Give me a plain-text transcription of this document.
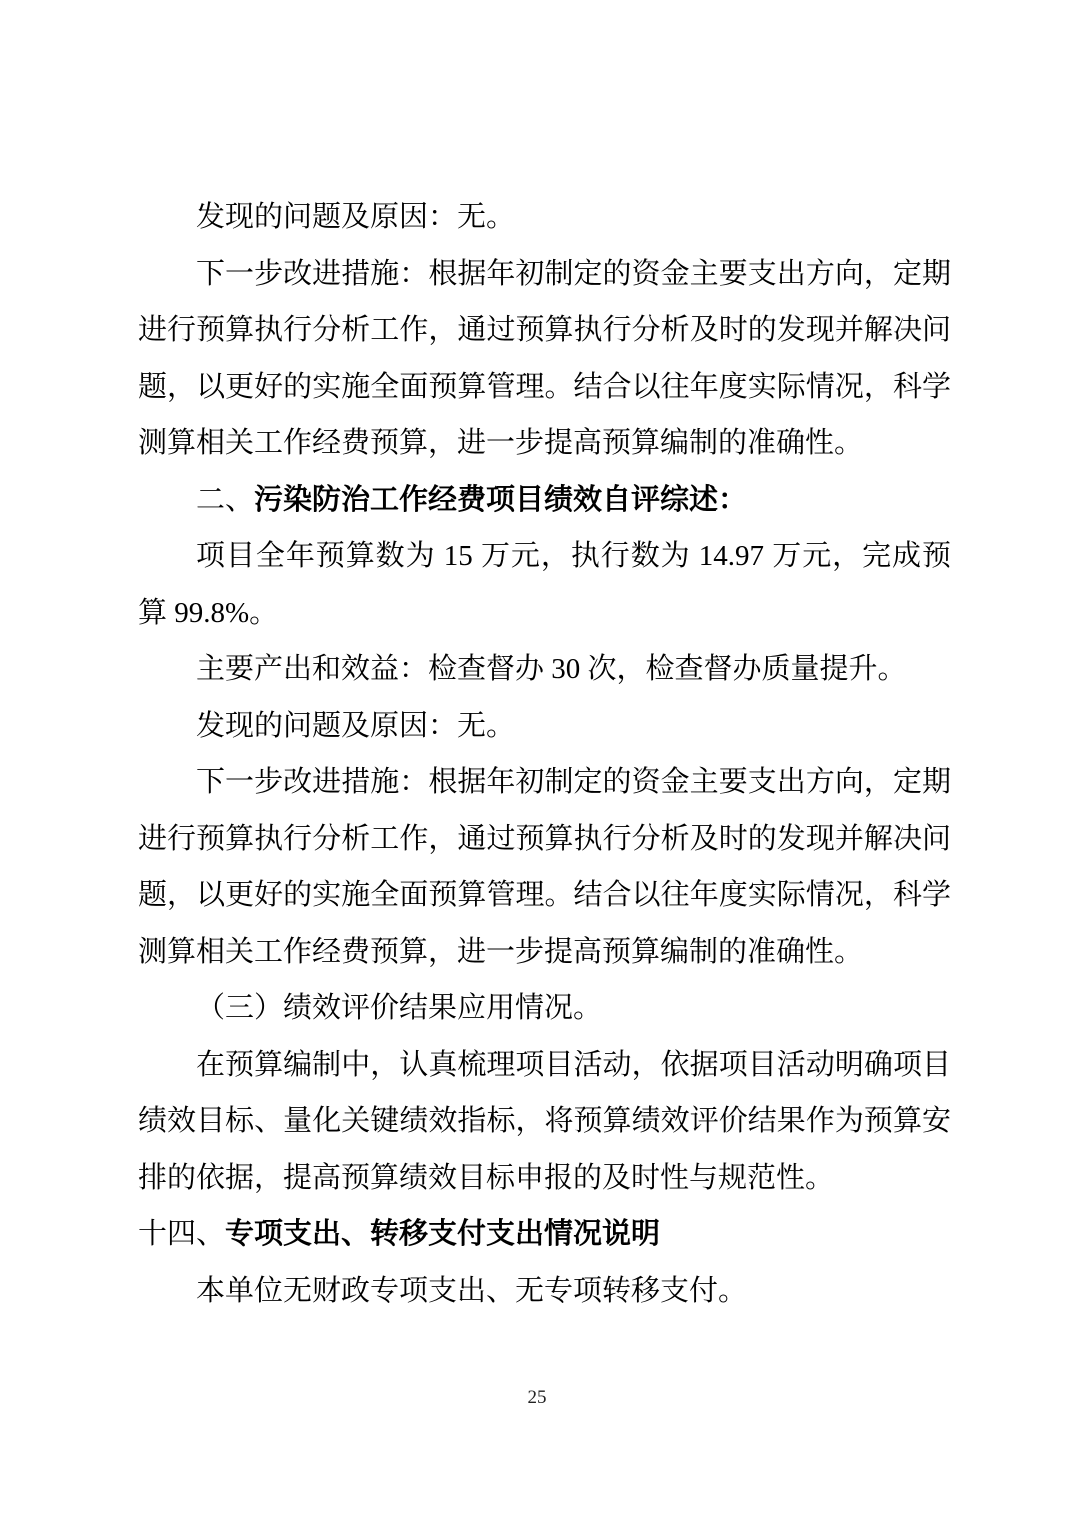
发现的问题及原因：无。

下一步改进措施：根据年初制定的资金主要支出方向，定期进行预算执行分析工作，通过预算执行分析及时的发现并解决问题，以更好的实施全面预算管理。结合以往年度实际情况，科学测算相关工作经费预算，进一步提高预算编制的准确性。

二、污染防治工作经费项目绩效自评综述：

项目全年预算数为 15 万元，执行数为 14.97 万元，完成预算 99.8%。

主要产出和效益：检查督办 30 次，检查督办质量提升。

发现的问题及原因：无。

下一步改进措施：根据年初制定的资金主要支出方向，定期进行预算执行分析工作，通过预算执行分析及时的发现并解决问题，以更好的实施全面预算管理。结合以往年度实际情况，科学测算相关工作经费预算，进一步提高预算编制的准确性。

（三）绩效评价结果应用情况。

在预算编制中，认真梳理项目活动，依据项目活动明确项目绩效目标、量化关键绩效指标，将预算绩效评价结果作为预算安排的依据，提高预算绩效目标申报的及时性与规范性。

十四、专项支出、转移支付支出情况说明

本单位无财政专项支出、无专项转移支付。

25
